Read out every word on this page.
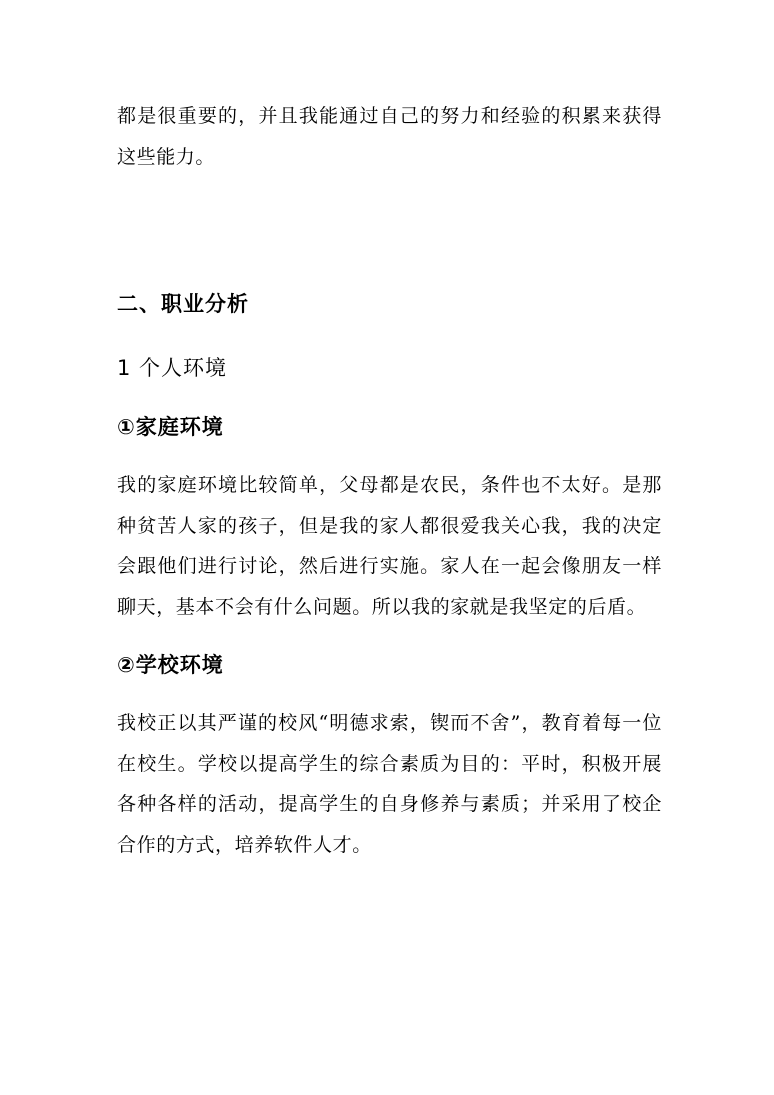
都是很重要的，并且我能通过自己的努力和经验的积累来获得这些能力。

二、职业分析
1 个人环境
①家庭环境

我的家庭环境比较简单，父母都是农民，条件也不太好。是那种贫苦人家的孩子，但是我的家人都很爱我关心我，我的决定会跟他们进行讨论，然后进行实施。家人在一起会像朋友一样聊天，基本不会有什么问题。所以我的家就是我坚定的后盾。

②学校环境

我校正以其严谨的校风“明德求索，锲而不舍”，教育着每一位在校生。学校以提高学生的综合素质为目的：平时，积极开展各种各样的活动，提高学生的自身修养与素质；并采用了校企合作的方式，培养软件人才。
